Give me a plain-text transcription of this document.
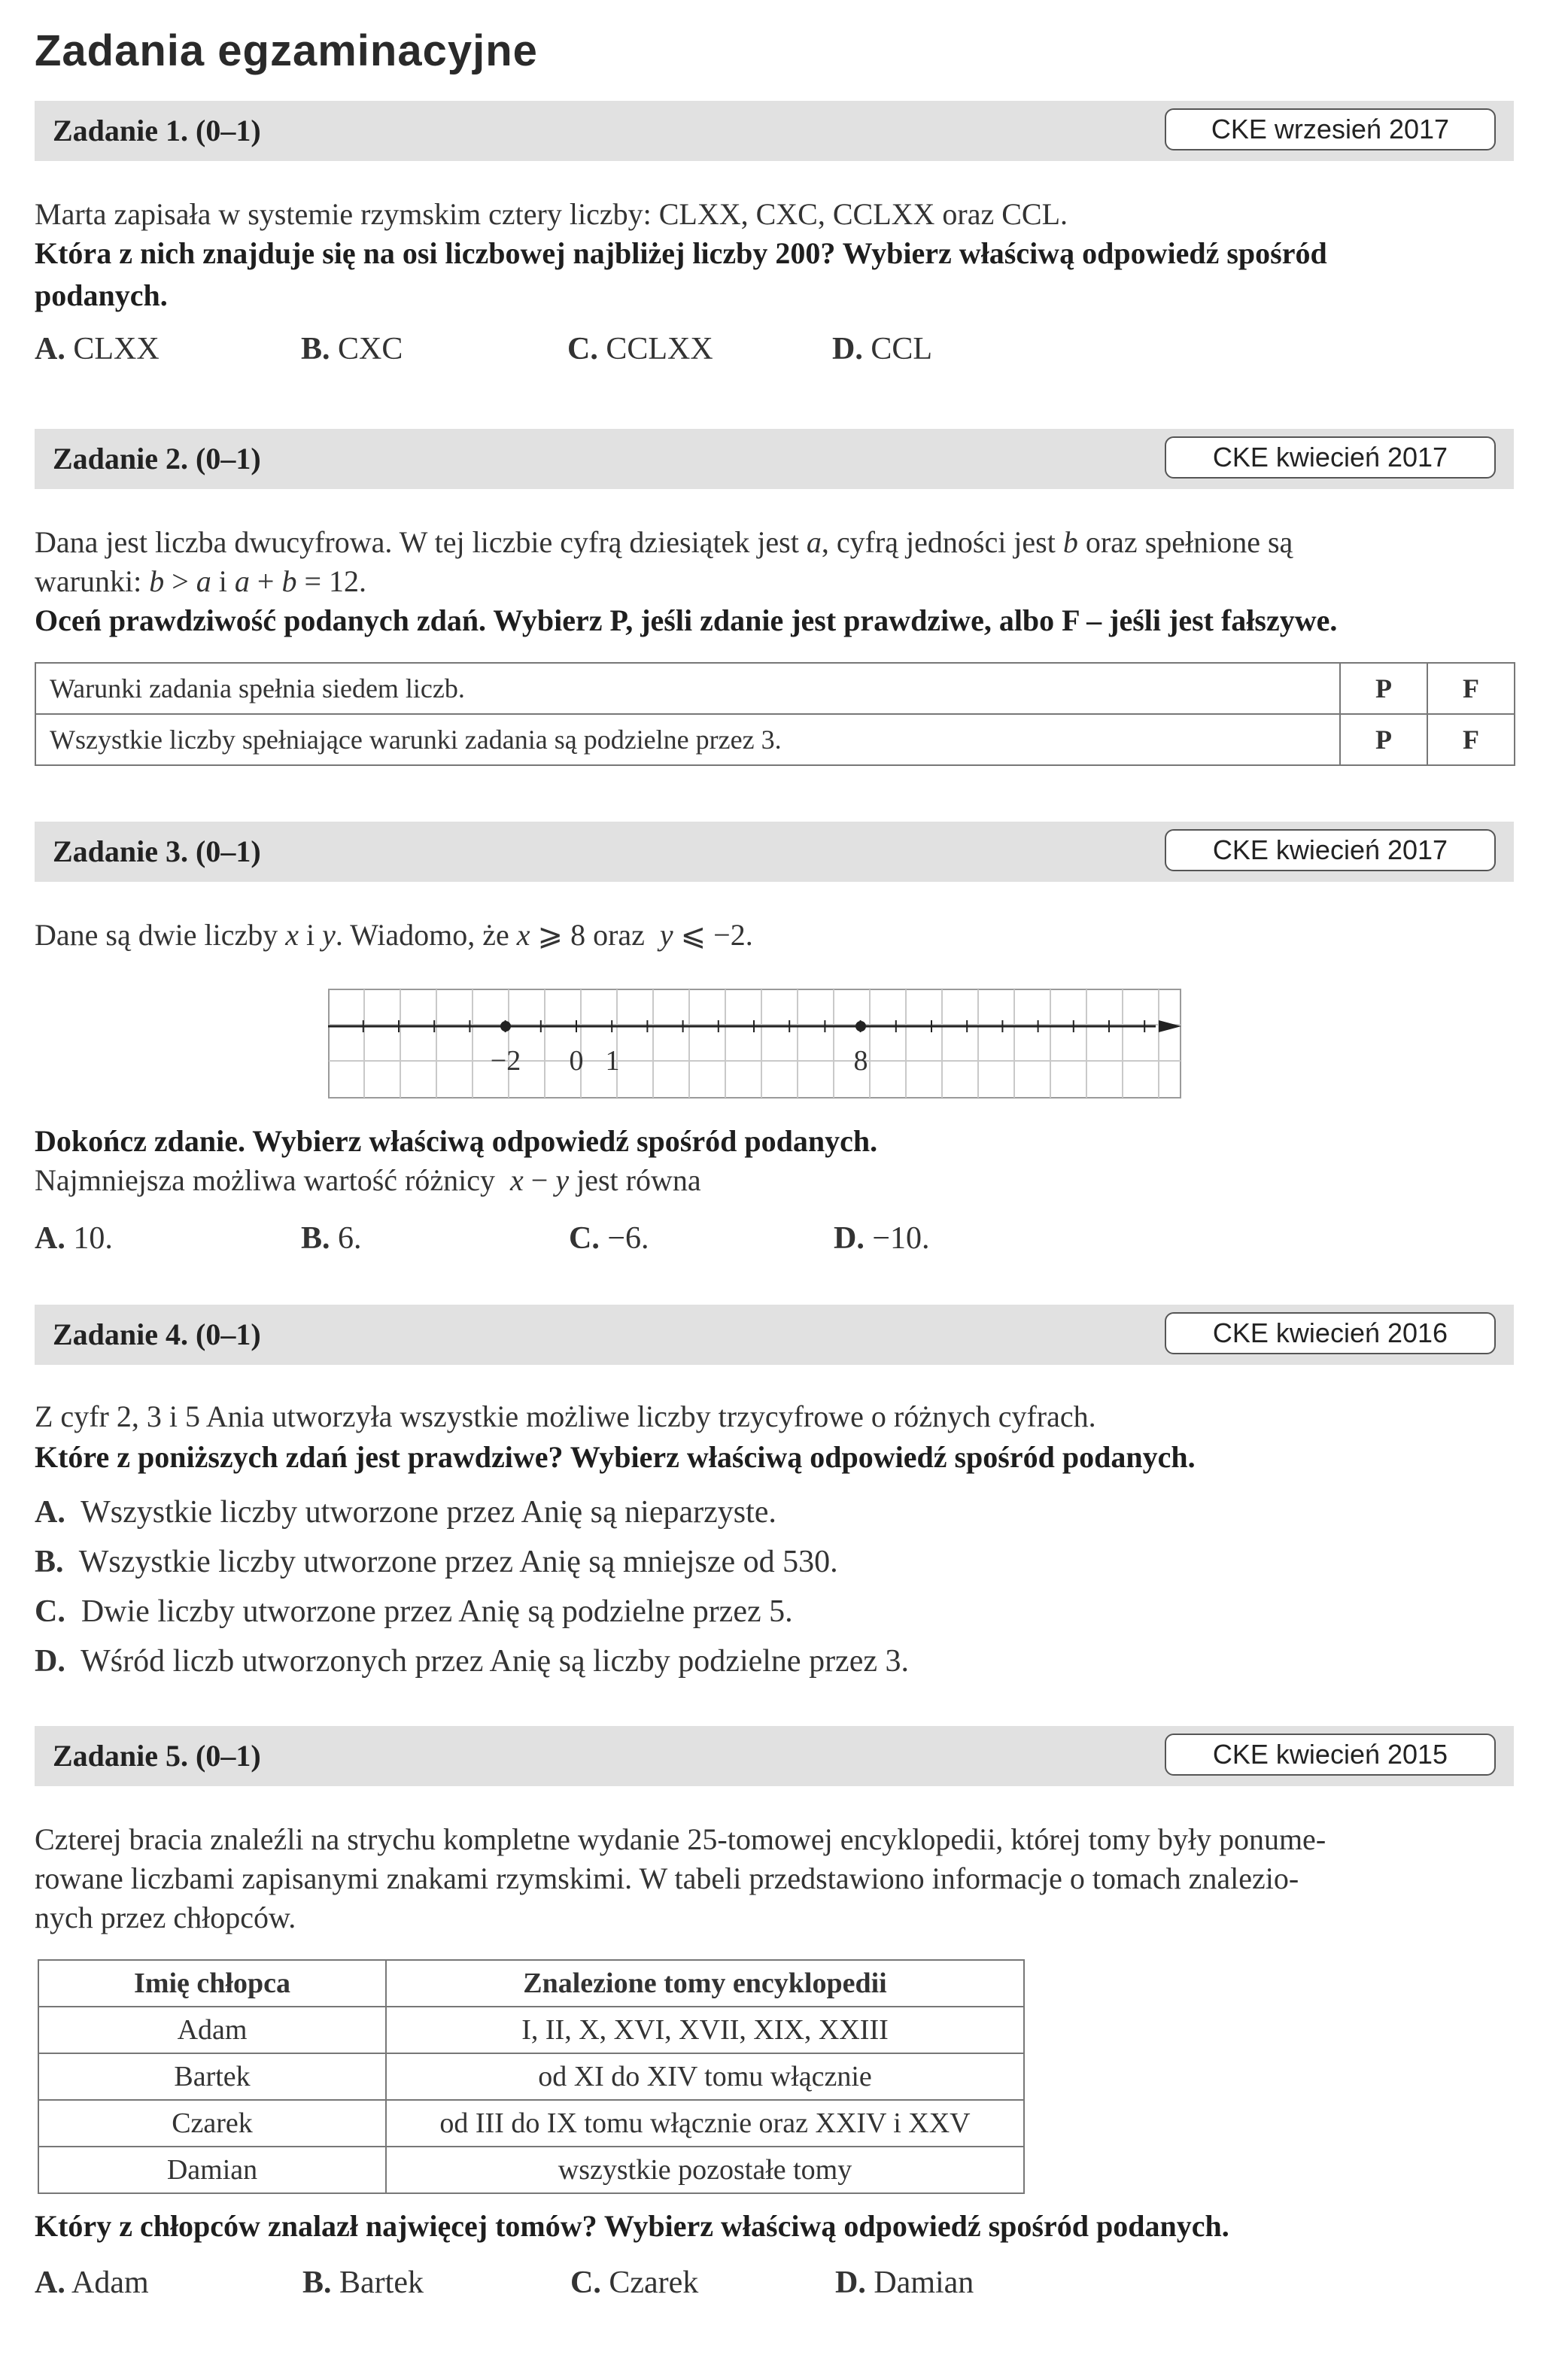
Zadania egzaminacyjne
Zadanie 1. (0–1)	CKE wrzesień 2017
Marta zapisała w systemie rzymskim cztery liczby: CLXX, CXC, CCLXX oraz CCL.
Która z nich znajduje się na osi liczbowej najbliżej liczby 200? Wybierz właściwą odpowiedź spośród
podanych.
A. CLXX	B. CXC	C. CCLXX	D. CCL
Zadanie 2. (0–1)	CKE kwiecień 2017
Dana jest liczba dwucyfrowa. W tej liczbie cyfrą dziesiątek jest a, cyfrą jedności jest b oraz spełnione są
warunki: b > a i a + b = 12.
Oceń prawdziwość podanych zdań. Wybierz P, jeśli zdanie jest prawdziwe, albo F – jeśli jest fałszywe.
Warunki zadania spełnia siedem liczb.	P	F
Wszystkie liczby spełniające warunki zadania są podzielne przez 3.	P	F
Zadanie 3. (0–1)	CKE kwiecień 2017
Dane są dwie liczby x i y. Wiadomo, że x ⩾ 8 oraz  y ⩽ −2.
−2 0 1	8
Dokończ zdanie. Wybierz właściwą odpowiedź spośród podanych.
Najmniejsza możliwa wartość różnicy  x − y jest równa
A. 10.	B. 6.	C. −6.	D. −10.
Zadanie 4. (0–1)	CKE kwiecień 2016
Z cyfr 2, 3 i 5 Ania utworzyła wszystkie możliwe liczby trzycyfrowe o różnych cyfrach.
Które z poniższych zdań jest prawdziwe? Wybierz właściwą odpowiedź spośród podanych.
A. Wszystkie liczby utworzone przez Anię są nieparzyste.
B. Wszystkie liczby utworzone przez Anię są mniejsze od 530.
C. Dwie liczby utworzone przez Anię są podzielne przez 5.
D. Wśród liczb utworzonych przez Anię są liczby podzielne przez 3.
Zadanie 5. (0–1)	CKE kwiecień 2015
Czterej bracia znaleźli na strychu kompletne wydanie 25-tomowej encyklopedii, której tomy były ponume-
rowane liczbami zapisanymi znakami rzymskimi. W tabeli przedstawiono informacje o tomach znalezio-
nych przez chłopców.
Imię chłopca	Znalezione tomy encyklopedii
Adam	I, II, X, XVI, XVII, XIX, XXIII
Bartek	od XI do XIV tomu włącznie
Czarek	od III do IX tomu włącznie oraz XXIV i XXV
Damian	wszystkie pozostałe tomy
Który z chłopców znalazł najwięcej tomów? Wybierz właściwą odpowiedź spośród podanych.
A. Adam	B. Bartek	C. Czarek	D. Damian
